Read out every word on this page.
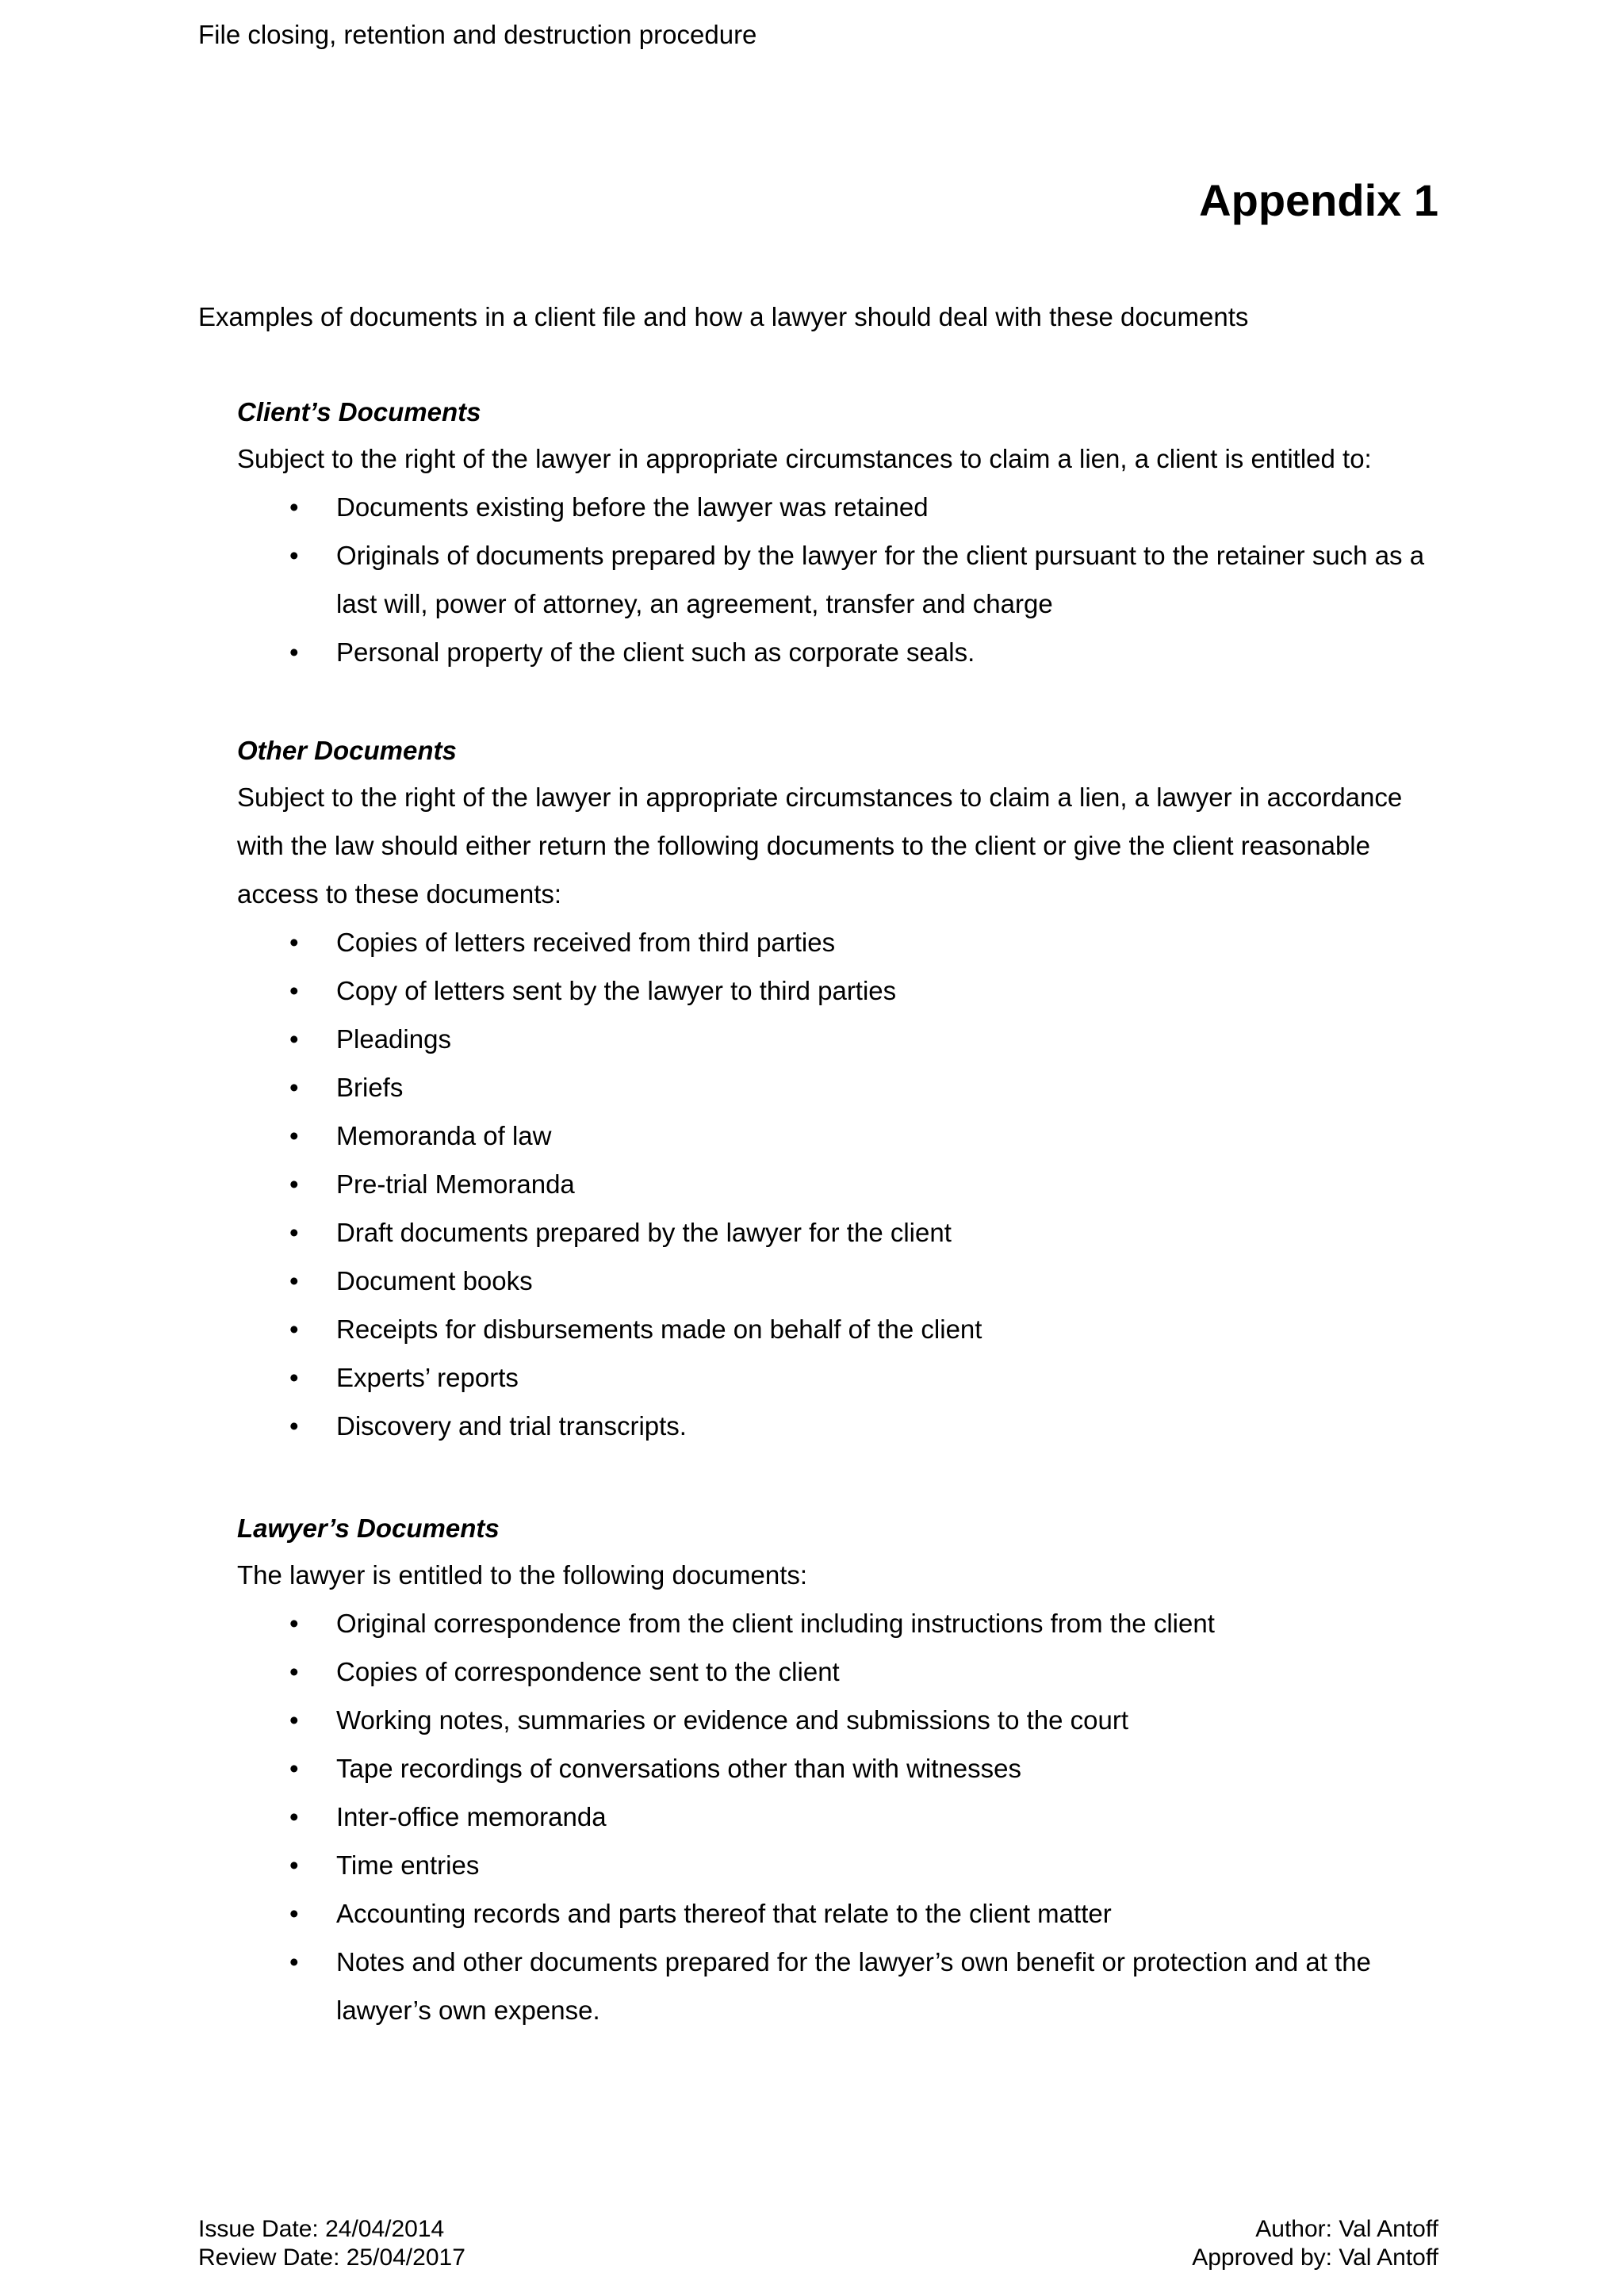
File closing, retention and destruction procedure
Appendix 1
Examples of documents in a client file and how a lawyer should deal with these documents

Client’s Documents

Subject to the right of the lawyer in appropriate circumstances to claim a lien, a client is entitled to:

• Documents existing before the lawyer was retained
• Originals of documents prepared by the lawyer for the client pursuant to the retainer such as a last will, power of attorney, an agreement, transfer and charge
• Personal property of the client such as corporate seals.

Other Documents

Subject to the right of the lawyer in appropriate circumstances to claim a lien, a lawyer in accordance with the law should either return the following documents to the client or give the client reasonable access to these documents:

• Copies of letters received from third parties
• Copy of letters sent by the lawyer to third parties
• Pleadings
• Briefs
• Memoranda of law
• Pre-trial Memoranda
• Draft documents prepared by the lawyer for the client
• Document books
• Receipts for disbursements made on behalf of the client
• Experts’ reports
• Discovery and trial transcripts.

Lawyer’s Documents

The lawyer is entitled to the following documents:

• Original correspondence from the client including instructions from the client
• Copies of correspondence sent to the client
• Working notes, summaries or evidence and submissions to the court
• Tape recordings of conversations other than with witnesses
• Inter-office memoranda
• Time entries
• Accounting records and parts thereof that relate to the client matter
• Notes and other documents prepared for the lawyer’s own benefit or protection and at the lawyer’s own expense.
Issue Date: 24/04/2014
Review Date: 25/04/2017
Author: Val Antoff
Approved by: Val Antoff
